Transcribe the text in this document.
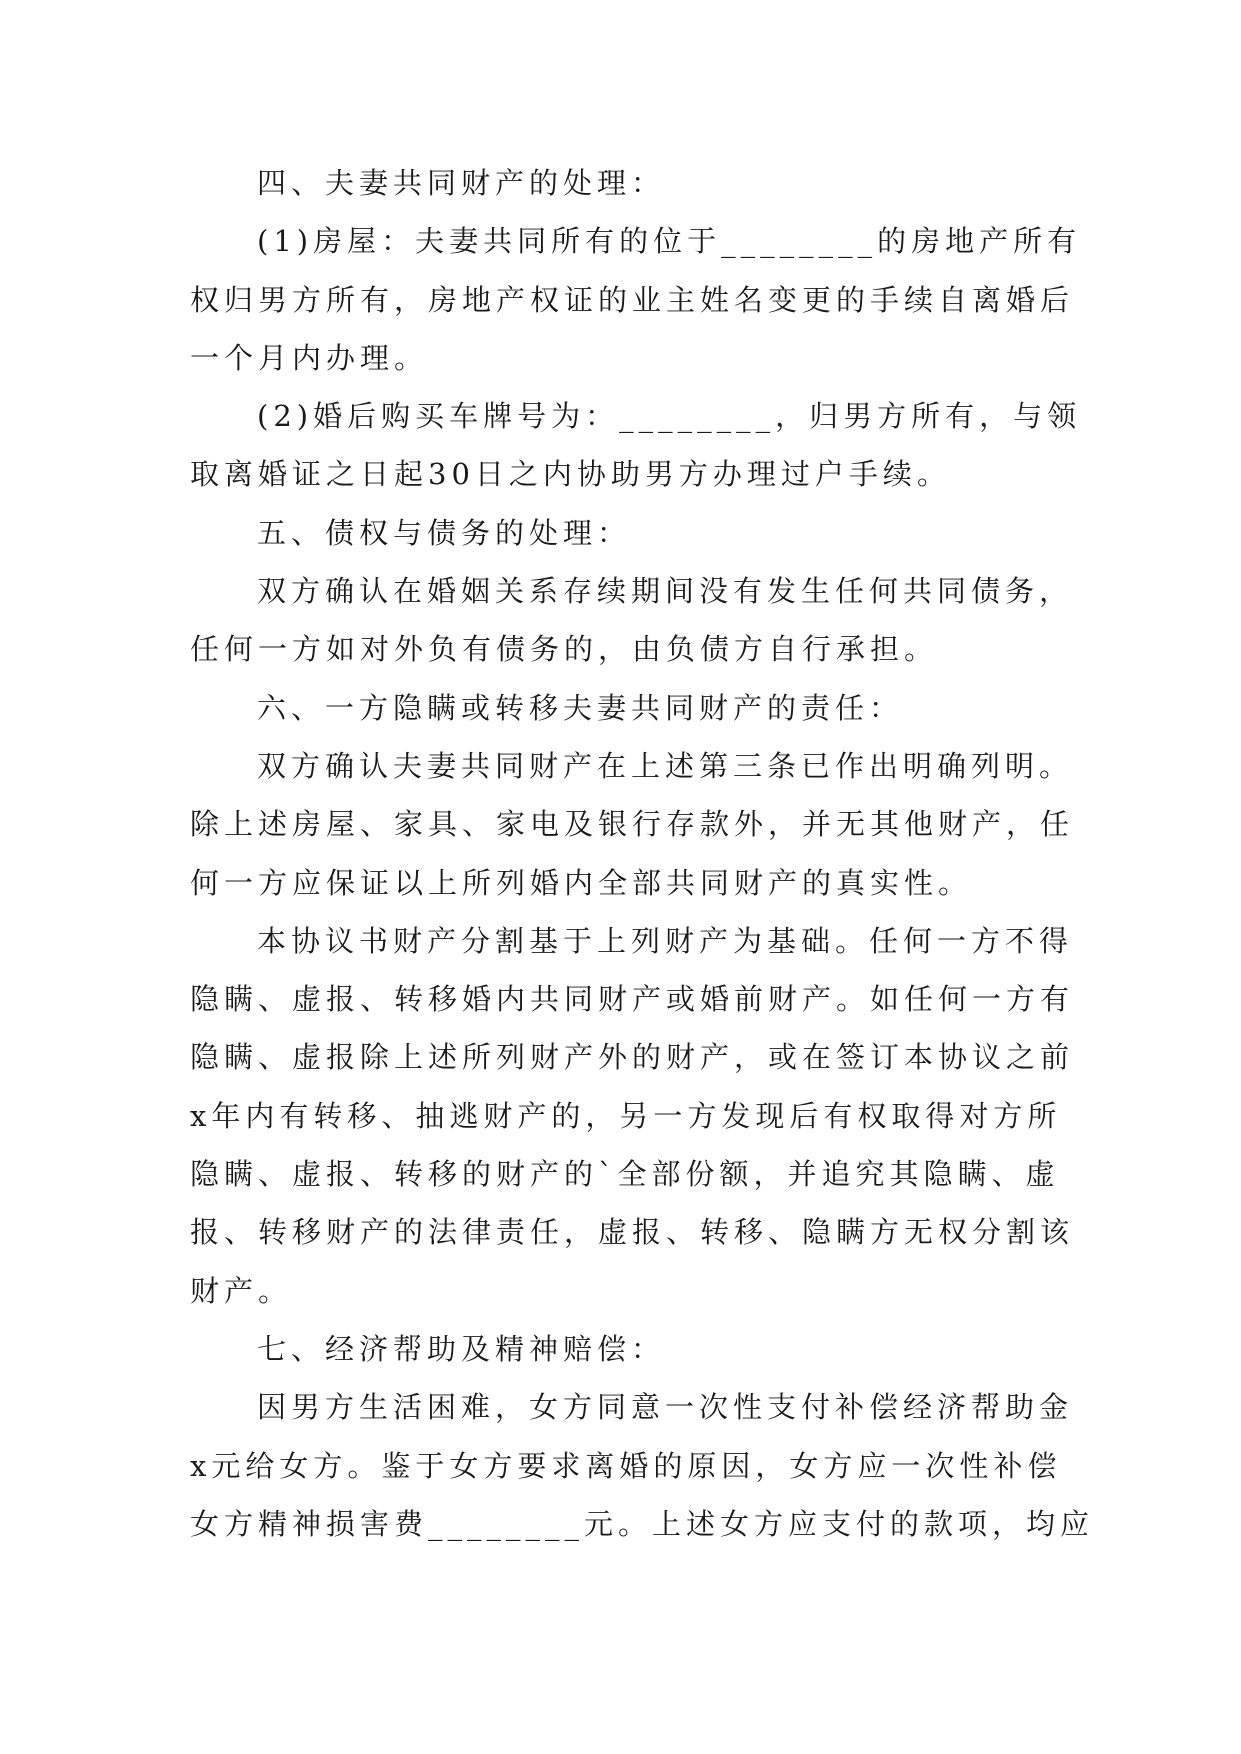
四、夫妻共同财产的处理：
(1)房屋：夫妻共同所有的位于________的房地产所有
权归男方所有，房地产权证的业主姓名变更的手续自离婚后
一个月内办理。
(2)婚后购买车牌号为：________，归男方所有，与领
取离婚证之日起30日之内协助男方办理过户手续。
五、债权与债务的处理：
双方确认在婚姻关系存续期间没有发生任何共同债务，
任何一方如对外负有债务的，由负债方自行承担。
六、一方隐瞒或转移夫妻共同财产的责任：
双方确认夫妻共同财产在上述第三条已作出明确列明。
除上述房屋、家具、家电及银行存款外，并无其他财产，任
何一方应保证以上所列婚内全部共同财产的真实性。
本协议书财产分割基于上列财产为基础。任何一方不得
隐瞒、虚报、转移婚内共同财产或婚前财产。如任何一方有
隐瞒、虚报除上述所列财产外的财产，或在签订本协议之前
x年内有转移、抽逃财产的，另一方发现后有权取得对方所
隐瞒、虚报、转移的财产的`全部份额，并追究其隐瞒、虚
报、转移财产的法律责任，虚报、转移、隐瞒方无权分割该
财产。
七、经济帮助及精神赔偿：
因男方生活困难，女方同意一次性支付补偿经济帮助金
x元给女方。鉴于女方要求离婚的原因，女方应一次性补偿
女方精神损害费________元。上述女方应支付的款项，均应
